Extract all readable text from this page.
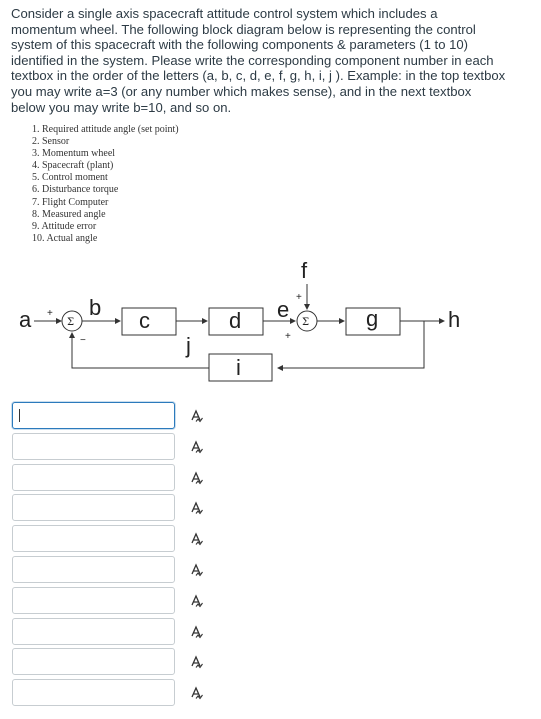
Consider a single axis spacecraft attitude control system which includes a
momentum wheel. The following block diagram below is representing the control
system of this spacecraft with the following components & parameters (1 to 10)
identified in the system. Please write the corresponding component number in each
textbox in the order of the letters (a, b, c, d, e, f, g, h, i, j ). Example: in the top textbox
you may write a=3 (or any number which makes sense), and in the next textbox
below you may write b=10, and so on.
1. Required attitude angle (set point)
2. Sensor
3. Momentum wheel
4. Spacecraft (plant)
5. Control moment
6. Disturbance torque
7. Flight Computer
8. Measured angle
9. Attitude error
10. Actual angle
a +
−
Σ
b
c
j
d e
f
+
+
Σ	g	h
i
